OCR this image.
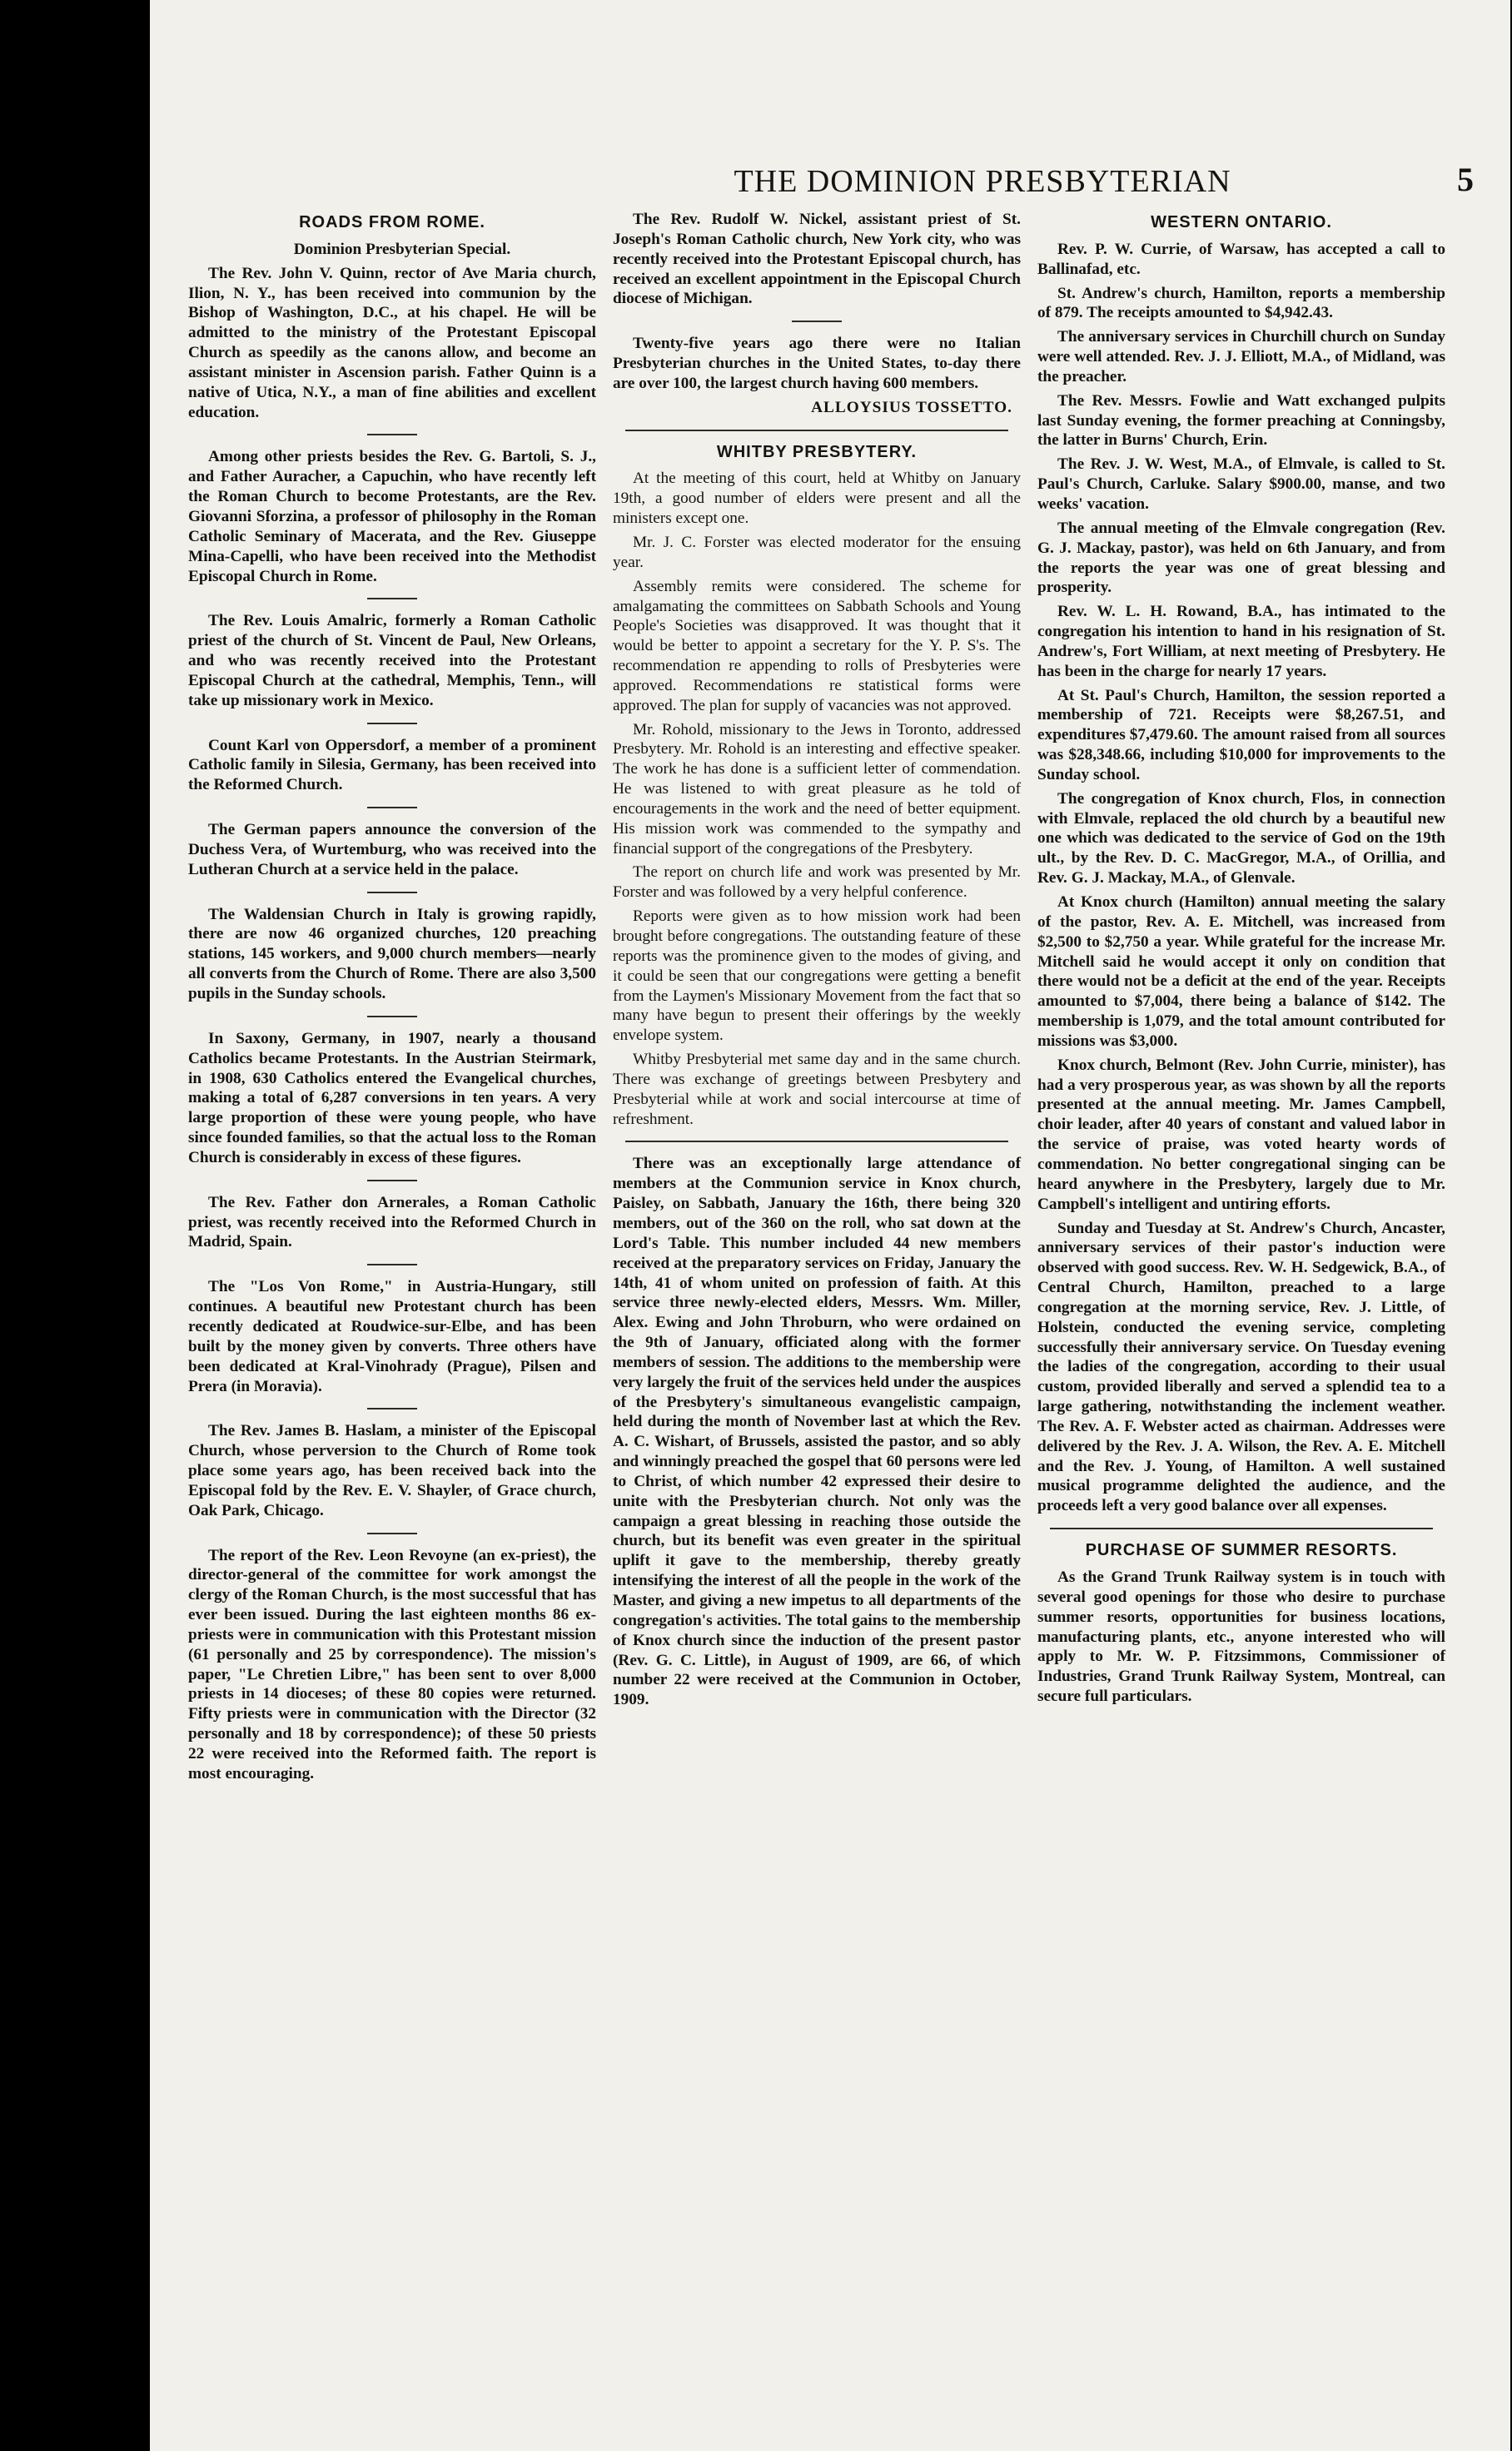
THE DOMINION PRESBYTERIAN	5
ROADS FROM ROME.

Dominion Presbyterian Special.

The Rev. John V. Quinn, rector of Ave Maria church, Ilion, N. Y., has been received into communion by the Bishop of Washington, D.C., at his chapel. He will be admitted to the ministry of the Protestant Episcopal Church as speedily as the canons allow, and become an assistant minister in Ascension parish. Father Quinn is a native of Utica, N.Y., a man of fine abilities and excellent education.

Among other priests besides the Rev. G. Bartoli, S. J., and Father Auracher, a Capuchin, who have recently left the Roman Church to become Protestants, are the Rev. Giovanni Sforzina, a professor of philosophy in the Roman Catholic Seminary of Macerata, and the Rev. Giuseppe Mina-Capelli, who have been received into the Methodist Episcopal Church in Rome.

The Rev. Louis Amalric, formerly a Roman Catholic priest of the church of St. Vincent de Paul, New Orleans, and who was recently received into the Protestant Episcopal Church at the cathedral, Memphis, Tenn., will take up missionary work in Mexico.

Count Karl von Oppersdorf, a member of a prominent Catholic family in Silesia, Germany, has been received into the Reformed Church.

The German papers announce the conversion of the Duchess Vera, of Wurtemburg, who was received into the Lutheran Church at a service held in the palace.

The Waldensian Church in Italy is growing rapidly, there are now 46 organized churches, 120 preaching stations, 145 workers, and 9,000 church members—nearly all converts from the Church of Rome. There are also 3,500 pupils in the Sunday schools.

In Saxony, Germany, in 1907, nearly a thousand Catholics became Protestants. In the Austrian Steirmark, in 1908, 630 Catholics entered the Evangelical churches, making a total of 6,287 conversions in ten years. A very large proportion of these were young people, who have since founded families, so that the actual loss to the Roman Church is considerably in excess of these figures.

The Rev. Father don Arnerales, a Roman Catholic priest, was recently received into the Reformed Church in Madrid, Spain.

The "Los Von Rome," in Austria-Hungary, still continues. A beautiful new Protestant church has been recently dedicated at Roudwice-sur-Elbe, and has been built by the money given by converts. Three others have been dedicated at Kral-Vinohrady (Prague), Pilsen and Prera (in Moravia).

The Rev. James B. Haslam, a minister of the Episcopal Church, whose perversion to the Church of Rome took place some years ago, has been received back into the Episcopal fold by the Rev. E. V. Shayler, of Grace church, Oak Park, Chicago.

The report of the Rev. Leon Revoyne (an ex-priest), the director-general of the committee for work amongst the clergy of the Roman Church, is the most successful that has ever been issued. During the last eighteen months 86 ex-priests were in communication with this Protestant mission (61 personally and 25 by correspondence). The mission's paper, "Le Chretien Libre," has been sent to over 8,000 priests in 14 dioceses; of these 80 copies were returned. Fifty priests were in communication with the Director (32 personally and 18 by correspondence); of these 50 priests 22 were received into the Reformed faith. The report is most encouraging.

The Rev. Rudolf W. Nickel, assistant priest of St. Joseph's Roman Catholic church, New York city, who was recently received into the Protestant Episcopal church, has received an excellent appointment in the Episcopal Church diocese of Michigan.

Twenty-five years ago there were no Italian Presbyterian churches in the United States, to-day there are over 100, the largest church having 600 members.

ALLOYSIUS TOSSETTO.
WHITBY PRESBYTERY.

At the meeting of this court, held at Whitby on January 19th, a good number of elders were present and all the ministers except one.

Mr. J. C. Forster was elected moderator for the ensuing year.

Assembly remits were considered. The scheme for amalgamating the committees on Sabbath Schools and Young People's Societies was disapproved. It was thought that it would be better to appoint a secretary for the Y. P. S's. The recommendation re appending to rolls of Presbyteries were approved. Recommendations re statistical forms were approved. The plan for supply of vacancies was not approved.

Mr. Rohold, missionary to the Jews in Toronto, addressed Presbytery. Mr. Rohold is an interesting and effective speaker. The work he has done is a sufficient letter of commendation. He was listened to with great pleasure as he told of encouragements in the work and the need of better equipment. His mission work was commended to the sympathy and financial support of the congregations of the Presbytery.

The report on church life and work was presented by Mr. Forster and was followed by a very helpful conference.

Reports were given as to how mission work had been brought before congregations. The outstanding feature of these reports was the prominence given to the modes of giving, and it could be seen that our congregations were getting a benefit from the Laymen's Missionary Movement from the fact that so many have begun to present their offerings by the weekly envelope system.

Whitby Presbyterial met same day and in the same church. There was exchange of greetings between Presbytery and Presbyterial while at work and social intercourse at time of refreshment.

There was an exceptionally large attendance of members at the Communion service in Knox church, Paisley, on Sabbath, January the 16th, there being 320 members, out of the 360 on the roll, who sat down at the Lord's Table. This number included 44 new members received at the preparatory services on Friday, January the 14th, 41 of whom united on profession of faith. At this service three newly-elected elders, Messrs. Wm. Miller, Alex. Ewing and John Throburn, who were ordained on the 9th of January, officiated along with the former members of session. The additions to the membership were very largely the fruit of the services held under the auspices of the Presbytery's simultaneous evangelistic campaign, held during the month of November last at which the Rev. A. C. Wishart, of Brussels, assisted the pastor, and so ably and winningly preached the gospel that 60 persons were led to Christ, of which number 42 expressed their desire to unite with the Presbyterian church. Not only was the campaign a great blessing in reaching those outside the church, but its benefit was even greater in the spiritual uplift it gave to the membership, thereby greatly intensifying the interest of all the people in the work of the Master, and giving a new impetus to all departments of the congregation's activities. The total gains to the membership of Knox church since the induction of the present pastor (Rev. G. C. Little), in August of 1909, are 66, of which number 22 were received at the Communion in October, 1909.

WESTERN ONTARIO.

Rev. P. W. Currie, of Warsaw, has accepted a call to Ballinafad, etc.

St. Andrew's church, Hamilton, reports a membership of 879. The receipts amounted to $4,942.43.

The anniversary services in Churchill church on Sunday were well attended. Rev. J. J. Elliott, M.A., of Midland, was the preacher.

The Rev. Messrs. Fowlie and Watt exchanged pulpits last Sunday evening, the former preaching at Conningsby, the latter in Burns' Church, Erin.

The Rev. J. W. West, M.A., of Elmvale, is called to St. Paul's Church, Carluke. Salary $900.00, manse, and two weeks' vacation.

The annual meeting of the Elmvale congregation (Rev. G. J. Mackay, pastor), was held on 6th January, and from the reports the year was one of great blessing and prosperity.

Rev. W. L. H. Rowand, B.A., has intimated to the congregation his intention to hand in his resignation of St. Andrew's, Fort William, at next meeting of Presbytery. He has been in the charge for nearly 17 years.

At St. Paul's Church, Hamilton, the session reported a membership of 721. Receipts were $8,267.51, and expenditures $7,479.60. The amount raised from all sources was $28,348.66, including $10,000 for improvements to the Sunday school.

The congregation of Knox church, Flos, in connection with Elmvale, replaced the old church by a beautiful new one which was dedicated to the service of God on the 19th ult., by the Rev. D. C. MacGregor, M.A., of Orillia, and Rev. G. J. Mackay, M.A., of Glenvale.

At Knox church (Hamilton) annual meeting the salary of the pastor, Rev. A. E. Mitchell, was increased from $2,500 to $2,750 a year. While grateful for the increase Mr. Mitchell said he would accept it only on condition that there would not be a deficit at the end of the year. Receipts amounted to $7,004, there being a balance of $142. The membership is 1,079, and the total amount contributed for missions was $3,000.

Knox church, Belmont (Rev. John Currie, minister), has had a very prosperous year, as was shown by all the reports presented at the annual meeting. Mr. James Campbell, choir leader, after 40 years of constant and valued labor in the service of praise, was voted hearty words of commendation. No better congregational singing can be heard anywhere in the Presbytery, largely due to Mr. Campbell's intelligent and untiring efforts.

Sunday and Tuesday at St. Andrew's Church, Ancaster, anniversary services of their pastor's induction were observed with good success. Rev. W. H. Sedgewick, B.A., of Central Church, Hamilton, preached to a large congregation at the morning service, Rev. J. Little, of Holstein, conducted the evening service, completing successfully their anniversary service. On Tuesday evening the ladies of the congregation, according to their usual custom, provided liberally and served a splendid tea to a large gathering, notwithstanding the inclement weather. The Rev. A. F. Webster acted as chairman. Addresses were delivered by the Rev. J. A. Wilson, the Rev. A. E. Mitchell and the Rev. J. Young, of Hamilton. A well sustained musical programme delighted the audience, and the proceeds left a very good balance over all expenses.

PURCHASE OF SUMMER RESORTS.

As the Grand Trunk Railway system is in touch with several good openings for those who desire to purchase summer resorts, opportunities for business locations, manufacturing plants, etc., anyone interested who will apply to Mr. W. P. Fitzsimmons, Commissioner of Industries, Grand Trunk Railway System, Montreal, can secure full particulars.
